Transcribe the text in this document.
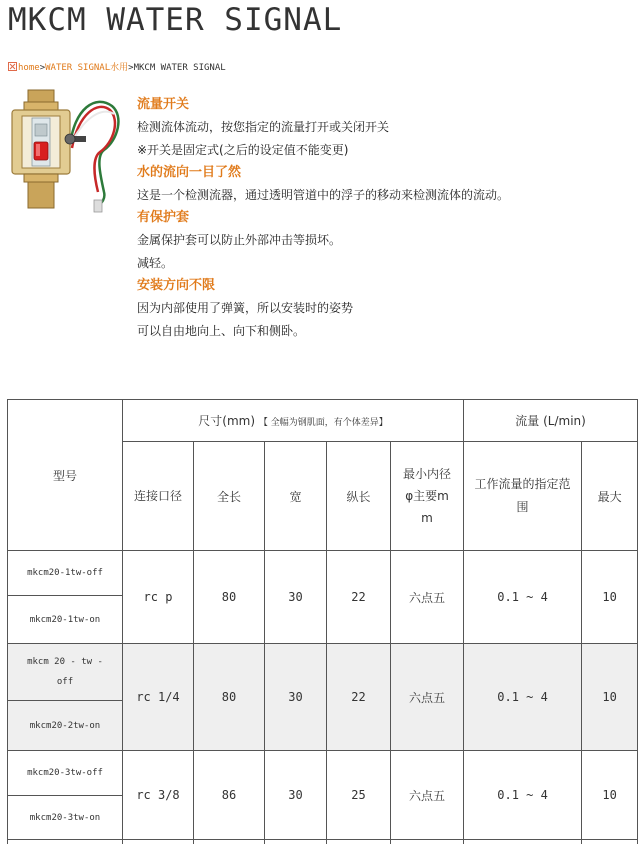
MKCM WATER SIGNAL
home>WATER SIGNAL水用>MKCM WATER SIGNAL

流量开关

检测流体流动，按您指定的流量打开或关闭开关

※开关是固定式(之后的设定值不能变更)

水的流向一目了然

这是一个检测流器，通过透明管道中的浮子的移动来检测流体的流动。

有保护套

金属保护套可以防止外部冲击等损坏。

减轻。

安装方向不限

因为内部使用了弹簧，所以安装时的姿势

可以自由地向上、向下和侧卧。

型号	尺寸(mm) 【 全幅为钢肌面，有个体差异】					流量 (L/min)	
	连接口径	全长	宽	纵长	最小内径φ主要mm	工作流量的指定范围	最大
mkcm20-1tw-off	rc p	80	30	22	六点五	0.1 ~ 4	10
mkcm20-1tw-on							
mkcm 20 - tw - off	rc 1/4	80	30	22	六点五	0.1 ~ 4	10
mkcm20-2tw-on							
mkcm20-3tw-off	rc 3/8	86	30	25	六点五	0.1 ~ 4	10
mkcm20-3tw-on							
